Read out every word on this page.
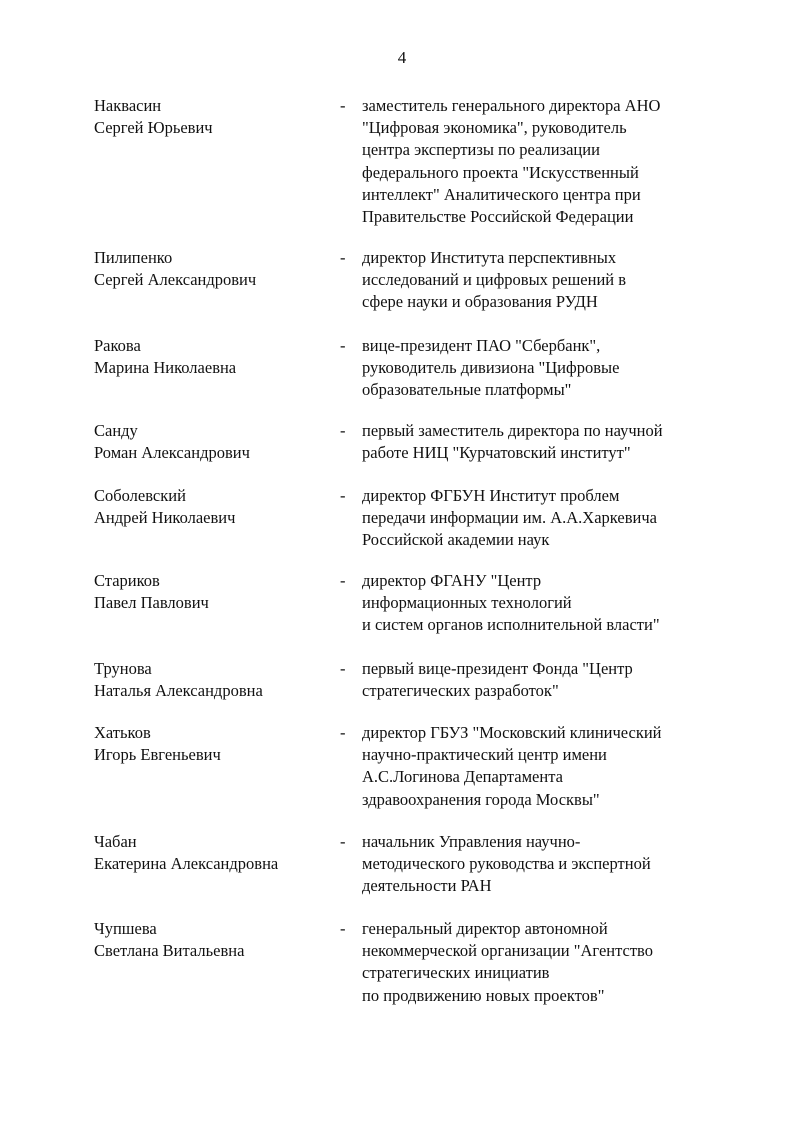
4
Наквасин
Сергей Юрьевич
- заместитель генерального директора АНО
"Цифровая экономика", руководитель
центра экспертизы по реализации
федерального проекта "Искусственный
интеллект" Аналитического центра при
Правительстве Российской Федерации
Пилипенко
Сергей Александрович
- директор Института перспективных
исследований и цифровых решений в
сфере науки и образования РУДН
Ракова
Марина Николаевна
- вице-президент ПАО "Сбербанк",
руководитель дивизиона "Цифровые
образовательные платформы"
Санду
Роман Александрович
- первый заместитель директора по научной
работе НИЦ "Курчатовский институт"
Соболевский
Андрей Николаевич
- директор ФГБУН Институт проблем
передачи информации им. А.А.Харкевича
Российской академии наук
Стариков
Павел Павлович
- директор ФГАНУ "Центр
информационных технологий
и систем органов исполнительной власти"
Трунова
Наталья Александровна
- первый вице-президент Фонда "Центр
стратегических разработок"
Хатьков
Игорь Евгеньевич
- директор ГБУЗ "Московский клинический
научно-практический центр имени
А.С.Логинова Департамента
здравоохранения города Москвы"
Чабан
Екатерина Александровна
- начальник Управления научно-
методического руководства и экспертной
деятельности РАН
Чупшева
Светлана Витальевна
- генеральный директор автономной
некоммерческой организации "Агентство
стратегических инициатив
по продвижению новых проектов"
